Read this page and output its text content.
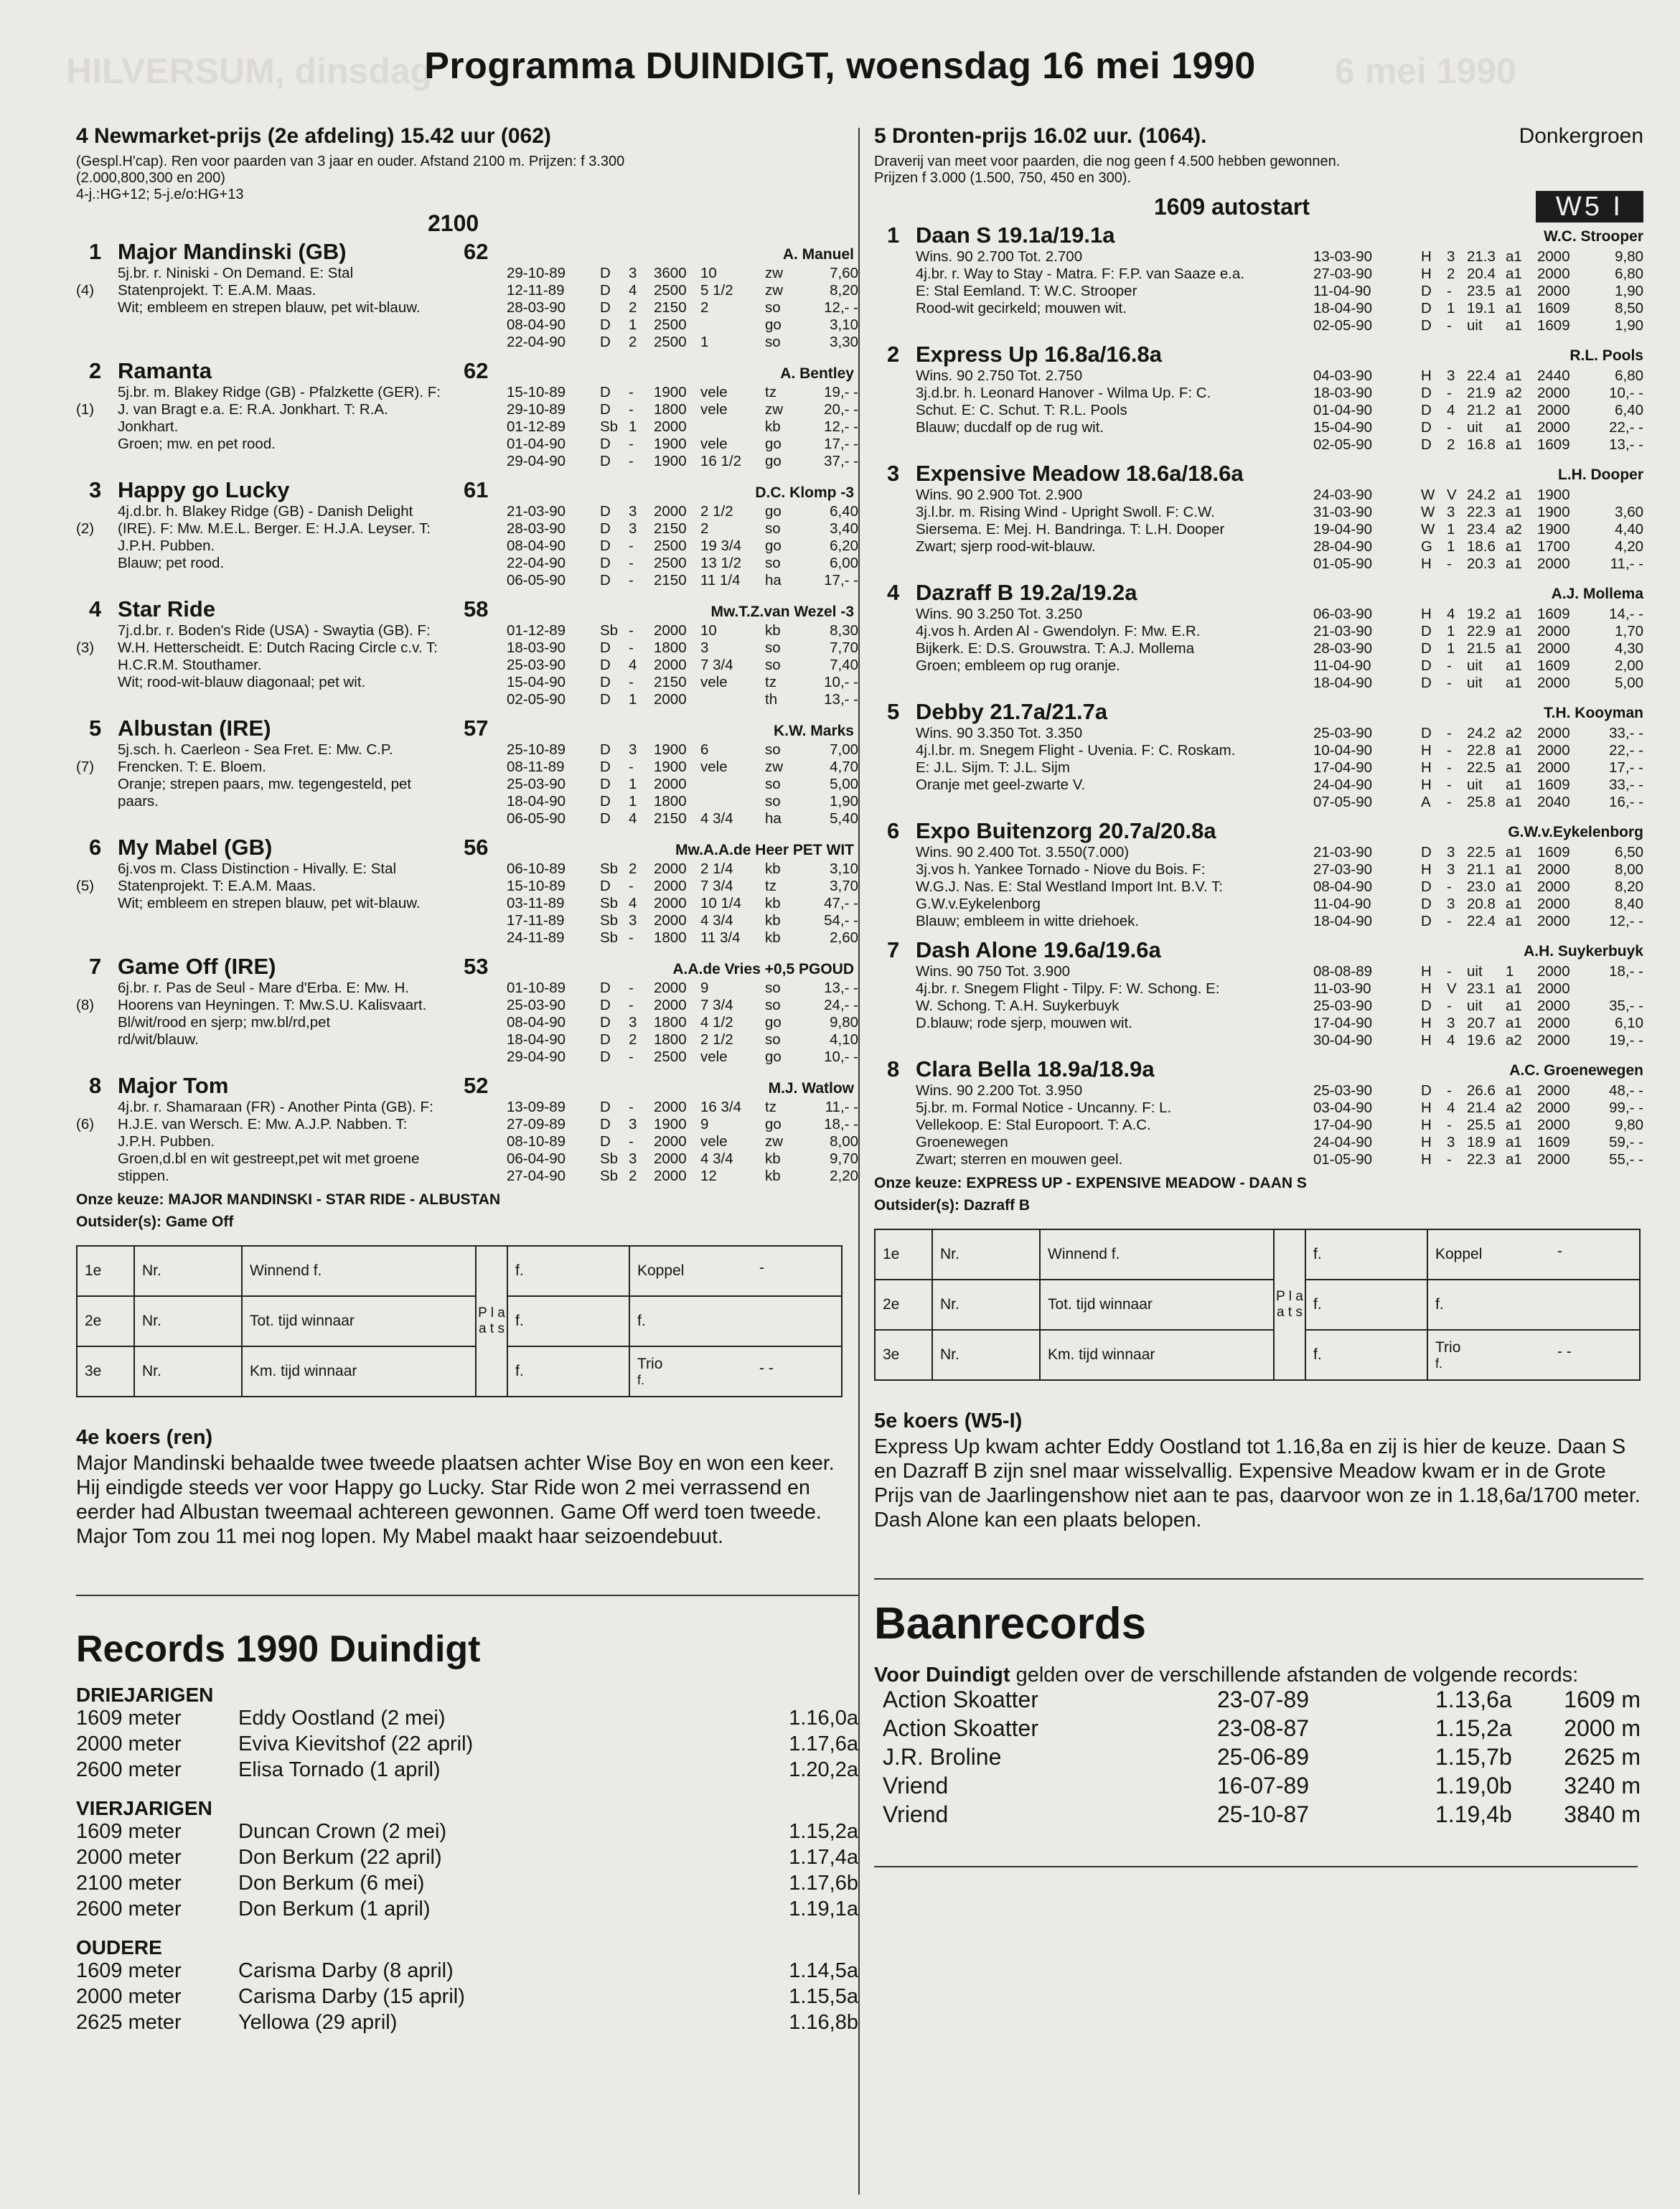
HILVERSUM, dinsdag	6 mei 1990
Programma DUINDIGT, woensdag 16 mei 1990
4 Newmarket-prijs (2e afdeling) 15.42 uur (062)
(Gespl.H'cap). Ren voor paarden van 3 jaar en ouder. Afstand 2100 m. Prijzen: f 3.300
(2.000,800,300 en 200)
4-j.:HG+12; 5-j.e/o:HG+13
2100
1 Major Mandinski (GB)	62	A. Manuel
(4)
5j.br. r. Niniski - On Demand. E: Stal
Statenprojekt. T: E.A.M. Maas.
Wit; embleem en strepen blauw, pet wit-blauw.
29-10-89 D 3 3600 10	zw	7,60
12-11-89 D 4 2500 5 1/2 zw	8,20
28-03-90 D 2 2150 2	so	12,- -
08-04-90 D 1 2500	go	3,10
22-04-90 D 2 2500 1	so	3,30
2 Ramanta	62	A. Bentley
(1)
5j.br. m. Blakey Ridge (GB) - Pfalzkette (GER). F:
J. van Bragt e.a. E: R.A. Jonkhart. T: R.A.
Jonkhart.
Groen; mw. en pet rood.
15-10-89 D - 1900 vele	tz	19,- -
29-10-89 D - 1800 vele	zw	20,- -
01-12-89 Sb 1 2000	kb	12,- -
01-04-90 D - 1900 vele	go	17,- -
29-04-90 D - 1900 16 1/2 go	37,- -
3 Happy go Lucky	61	D.C. Klomp -3
(2)
4j.d.br. h. Blakey Ridge (GB) - Danish Delight
(IRE). F: Mw. M.E.L. Berger. E: H.J.A. Leyser. T:
J.P.H. Pubben.
Blauw; pet rood.
21-03-90 D 3 2000 2 1/2 go	6,40
28-03-90 D 3 2150 2	so	3,40
08-04-90 D - 2500 19 3/4 go	6,20
22-04-90 D - 2500 13 1/2 so	6,00
06-05-90 D - 2150 11 1/4 ha	17,- -
4 Star Ride	58	Mw.T.Z.van Wezel -3
(3)
7j.d.br. r. Boden's Ride (USA) - Swaytia (GB). F:
W.H. Hetterscheidt. E: Dutch Racing Circle c.v. T:
H.C.R.M. Stouthamer.
Wit; rood-wit-blauw diagonaal; pet wit.
01-12-89 Sb - 2000 10	kb	8,30
18-03-90 D - 1800 3	so	7,70
25-03-90 D 4 2000 7 3/4 so	7,40
15-04-90 D - 2150 vele	tz	10,- -
02-05-90 D 1 2000	th	13,- -
5 Albustan (IRE)	57	K.W. Marks
(7)
5j.sch. h. Caerleon - Sea Fret. E: Mw. C.P.
Frencken. T: E. Bloem.
Oranje; strepen paars, mw. tegengesteld, pet
paars.
25-10-89 D 3 1900 6	so	7,00
08-11-89 D - 1900 vele	zw	4,70
25-03-90 D 1 2000	so	5,00
18-04-90 D 1 1800	so	1,90
06-05-90 D 4 2150 4 3/4 ha	5,40
6 My Mabel (GB)	56	Mw.A.A.de Heer PET WIT
(5)
6j.vos m. Class Distinction - Hivally. E: Stal
Statenprojekt. T: E.A.M. Maas.
Wit; embleem en strepen blauw, pet wit-blauw.
06-10-89 Sb 2 2000 2 1/4 kb	3,10
15-10-89 D - 2000 7 3/4 tz	3,70
03-11-89 Sb 4 2000 10 1/4 kb	47,- -
17-11-89 Sb 3 2000 4 3/4 kb	54,- -
24-11-89 Sb - 1800 11 3/4 kb	2,60
7 Game Off (IRE)	53	A.A.de Vries +0,5 PGOUD
(8)
6j.br. r. Pas de Seul - Mare d'Erba. E: Mw. H.
Hoorens van Heyningen. T: Mw.S.U. Kalisvaart.
Bl/wit/rood en sjerp; mw.bl/rd,pet
rd/wit/blauw.
01-10-89 D - 2000 9	so	13,- -
25-03-90 D - 2000 7 3/4 so	24,- -
08-04-90 D 3 1800 4 1/2 go	9,80
18-04-90 D 2 1800 2 1/2 so	4,10
29-04-90 D - 2500 vele	go	10,- -
8 Major Tom	52	M.J. Watlow
(6)
4j.br. r. Shamaraan (FR) - Another Pinta (GB). F:
H.J.E. van Wersch. E: Mw. A.J.P. Nabben. T:
J.P.H. Pubben.
Groen,d.bl en wit gestreept,pet wit met groene
stippen.
13-09-89 D - 2000 16 3/4 tz	11,- -
27-09-89 D 3 1900 9	go	18,- -
08-10-89 D - 2000 vele	zw	8,00
06-04-90 Sb 3 2000 4 3/4 kb	9,70
27-04-90 Sb 2 2000 12	kb	2,20
Onze keuze: MAJOR MANDINSKI - STAR RIDE - ALBUSTAN
Outsider(s): Game Off
1e	Nr.	Winnend f.	P l a a t s	f.	Koppel -

2e	Nr.	Tot. tijd winnaar		f.	f.

3e	Nr.	Km. tijd winnaar		f.	Trio - -
f.
4e koers (ren)
Major Mandinski behaalde twee tweede plaatsen achter Wise Boy en won een keer. Hij eindigde steeds ver voor Happy go Lucky. Star Ride won 2 mei verrassend en eerder had Albustan tweemaal achtereen gewonnen. Game Off werd toen tweede. Major Tom zou 11 mei nog lopen. My Mabel maakt haar seizoendebuut.
Records 1990 Duindigt
DRIEJARIGEN
1609 meter	Eddy Oostland (2 mei)	1.16,0a
2000 meter	Eviva Kievitshof (22 april)	1.17,6a
2600 meter	Elisa Tornado (1 april)	1.20,2a
VIERJARIGEN
1609 meter	Duncan Crown (2 mei)	1.15,2a
2000 meter	Don Berkum (22 april)	1.17,4a
2100 meter	Don Berkum (6 mei)	1.17,6b
2600 meter	Don Berkum (1 april)	1.19,1a
OUDERE
1609 meter	Carisma Darby (8 april)	1.14,5a
2000 meter	Carisma Darby (15 april)	1.15,5a
2625 meter	Yellowa (29 april)	1.16,8b
5 Dronten-prijs 16.02 uur. (1064).	Donkergroen
Draverij van meet voor paarden, die nog geen f 4.500 hebben gewonnen.
Prijzen f 3.000 (1.500, 750, 450 en 300).
1609 autostart	W5 I
1 Daan S 19.1a/19.1a	W.C. Strooper
Wins. 90 2.700 Tot. 2.700
4j.br. r. Way to Stay - Matra. F: F.P. van Saaze e.a.
E: Stal Eemland. T: W.C. Strooper
Rood-wit gecirkeld; mouwen wit.
13-03-90	H 3 21.3 a1 2000	9,80
27-03-90	H 2 20.4 a1 2000	6,80
11-04-90	D - 23.5 a1 2000	1,90
18-04-90	D 1 19.1 a1 1609	8,50
02-05-90	D - uit a1 1609	1,90
2 Express Up 16.8a/16.8a	R.L. Pools
Wins. 90 2.750 Tot. 2.750
3j.d.br. h. Leonard Hanover - Wilma Up. F: C.
Schut. E: C. Schut. T: R.L. Pools
Blauw; ducdalf op de rug wit.
04-03-90	H 3 22.4 a1 2440	6,80
18-03-90	D - 21.9 a2 2000	10,- -
01-04-90	D 4 21.2 a1 2000	6,40
15-04-90	D - uit a1 2000	22,- -
02-05-90	D 2 16.8 a1 1609	13,- -
3 Expensive Meadow 18.6a/18.6a	L.H. Dooper
Wins. 90 2.900 Tot. 2.900
3j.l.br. m. Rising Wind - Upright Swoll. F: C.W.
Siersema. E: Mej. H. Bandringa. T: L.H. Dooper
Zwart; sjerp rood-wit-blauw.
24-03-90	W V 24.2 a1 1900
31-03-90	W 3 22.3 a1 1900	3,60
19-04-90	W 1 23.4 a2 1900	4,40
28-04-90	G 1 18.6 a1 1700	4,20
01-05-90	H - 20.3 a1 2000	11,- -
4 Dazraff B 19.2a/19.2a	A.J. Mollema
Wins. 90 3.250 Tot. 3.250
4j.vos h. Arden Al - Gwendolyn. F: Mw. E.R.
Bijkerk. E: D.S. Grouwstra. T: A.J. Mollema
Groen; embleem op rug oranje.
06-03-90	H 4 19.2 a1 1609	14,- -
21-03-90	D 1 22.9 a1 2000	1,70
28-03-90	D 1 21.5 a1 2000	4,30
11-04-90	D - uit a1 1609	2,00
18-04-90	D - uit a1 2000	5,00
5 Debby 21.7a/21.7a	T.H. Kooyman
Wins. 90 3.350 Tot. 3.350
4j.l.br. m. Snegem Flight - Uvenia. F: C. Roskam.
E: J.L. Sijm. T: J.L. Sijm
Oranje met geel-zwarte V.
25-03-90	D - 24.2 a2 2000	33,- -
10-04-90	H - 22.8 a1 2000	22,- -
17-04-90	H - 22.5 a1 2000	17,- -
24-04-90	H - uit a1 1609	33,- -
07-05-90	A - 25.8 a1 2040	16,- -
6 Expo Buitenzorg 20.7a/20.8a	G.W.v.Eykelenborg
Wins. 90 2.400 Tot. 3.550(7.000)
3j.vos h. Yankee Tornado - Niove du Bois. F:
W.G.J. Nas. E: Stal Westland Import Int. B.V. T:
G.W.v.Eykelenborg
Blauw; embleem in witte driehoek.
21-03-90	D 3 22.5 a1 1609	6,50
27-03-90	H 3 21.1 a1 2000	8,00
08-04-90	D - 23.0 a1 2000	8,20
11-04-90	D 3 20.8 a1 2000	8,40
18-04-90	D - 22.4 a1 2000	12,- -
7 Dash Alone 19.6a/19.6a	A.H. Suykerbuyk
Wins. 90 750 Tot. 3.900
4j.br. r. Snegem Flight - Tilpy. F: W. Schong. E:
W. Schong. T: A.H. Suykerbuyk
D.blauw; rode sjerp, mouwen wit.
08-08-89	H - uit 1 2000	18,- -
11-03-90	H V 23.1 a1 2000
25-03-90	D - uit a1 2000	35,- -
17-04-90	H 3 20.7 a1 2000	6,10
30-04-90	H 4 19.6 a2 2000	19,- -
8 Clara Bella 18.9a/18.9a	A.C. Groenewegen
Wins. 90 2.200 Tot. 3.950
5j.br. m. Formal Notice - Uncanny. F: L.
Vellekoop. E: Stal Europoort. T: A.C.
Groenewegen
Zwart; sterren en mouwen geel.
25-03-90	D - 26.6 a1 2000	48,- -
03-04-90	H 4 21.4 a2 2000	99,- -
17-04-90	H - 25.5 a1 2000	9,80
24-04-90	H 3 18.9 a1 1609	59,- -
01-05-90	H - 22.3 a1 2000	55,- -
Onze keuze: EXPRESS UP - EXPENSIVE MEADOW - DAAN S
Outsider(s): Dazraff B
1e	Nr.	Winnend f.	P l a a t s	f.	Koppel -

2e	Nr.	Tot. tijd winnaar		f.	f.

3e	Nr.	Km. tijd winnaar		f.	Trio - -
f.
5e koers (W5-I)
Express Up kwam achter Eddy Oostland tot 1.16,8a en zij is hier de keuze. Daan S en Dazraff B zijn snel maar wisselvallig. Expensive Meadow kwam er in de Grote Prijs van de Jaarlingenshow niet aan te pas, daarvoor won ze in 1.18,6a/1700 meter. Dash Alone kan een plaats belopen.
Baanrecords
Voor Duindigt gelden over de verschillende afstanden de volgende records:
Action Skoatter	23-07-89	1.13,6a 1609 m
Action Skoatter	23-08-87	1.15,2a 2000 m
J.R. Broline	25-06-89	1.15,7b 2625 m
Vriend	16-07-89	1.19,0b 3240 m
Vriend	25-10-87	1.19,4b 3840 m
